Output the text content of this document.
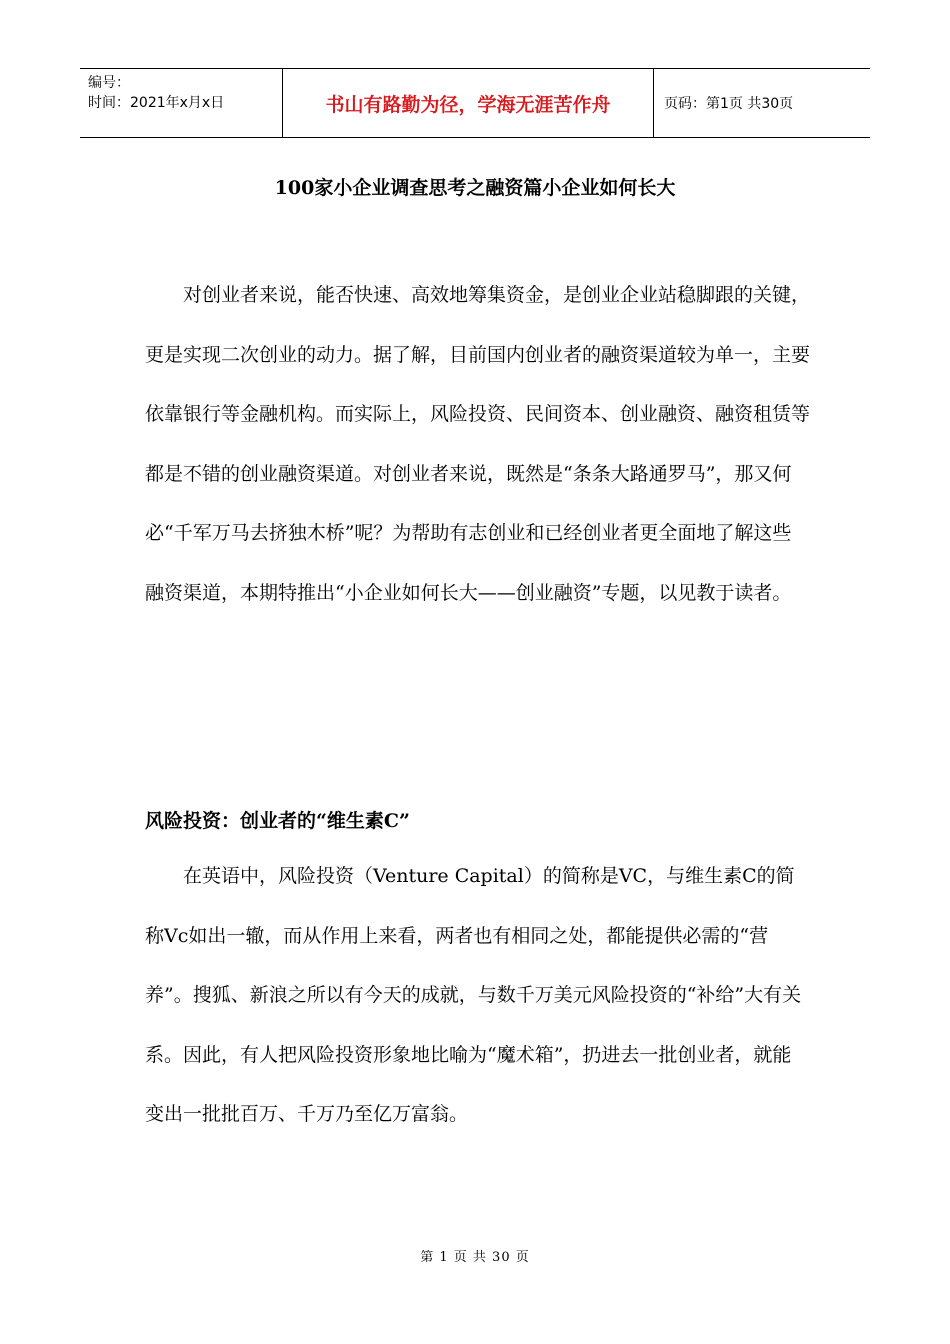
编号：
时间：2021年x月x日	书山有路勤为径，学海无涯苦作舟	页码：第1页 共30页
100家小企业调查思考之融资篇小企业如何长大

对创业者来说，能否快速、高效地筹集资金，是创业企业站稳脚跟的关键，更是实现二次创业的动力。据了解，目前国内创业者的融资渠道较为单一，主要依靠银行等金融机构。而实际上，风险投资、民间资本、创业融资、融资租赁等都是不错的创业融资渠道。对创业者来说，既然是“条条大路通罗马”，那又何必“千军万马去挤独木桥”呢？为帮助有志创业和已经创业者更全面地了解这些融资渠道，本期特推出“小企业如何长大——创业融资”专题，以见教于读者。

风险投资：创业者的“维生素C”

在英语中，风险投资（Venture Capital）的简称是VC，与维生素C的简称Vc如出一辙，而从作用上来看，两者也有相同之处，都能提供必需的“营养”。搜狐、新浪之所以有今天的成就，与数千万美元风险投资的“补给”大有关系。因此，有人把风险投资形象地比喻为“魔术箱”，扔进去一批创业者，就能变出一批批百万、千万乃至亿万富翁。

第 1 页 共 30 页
